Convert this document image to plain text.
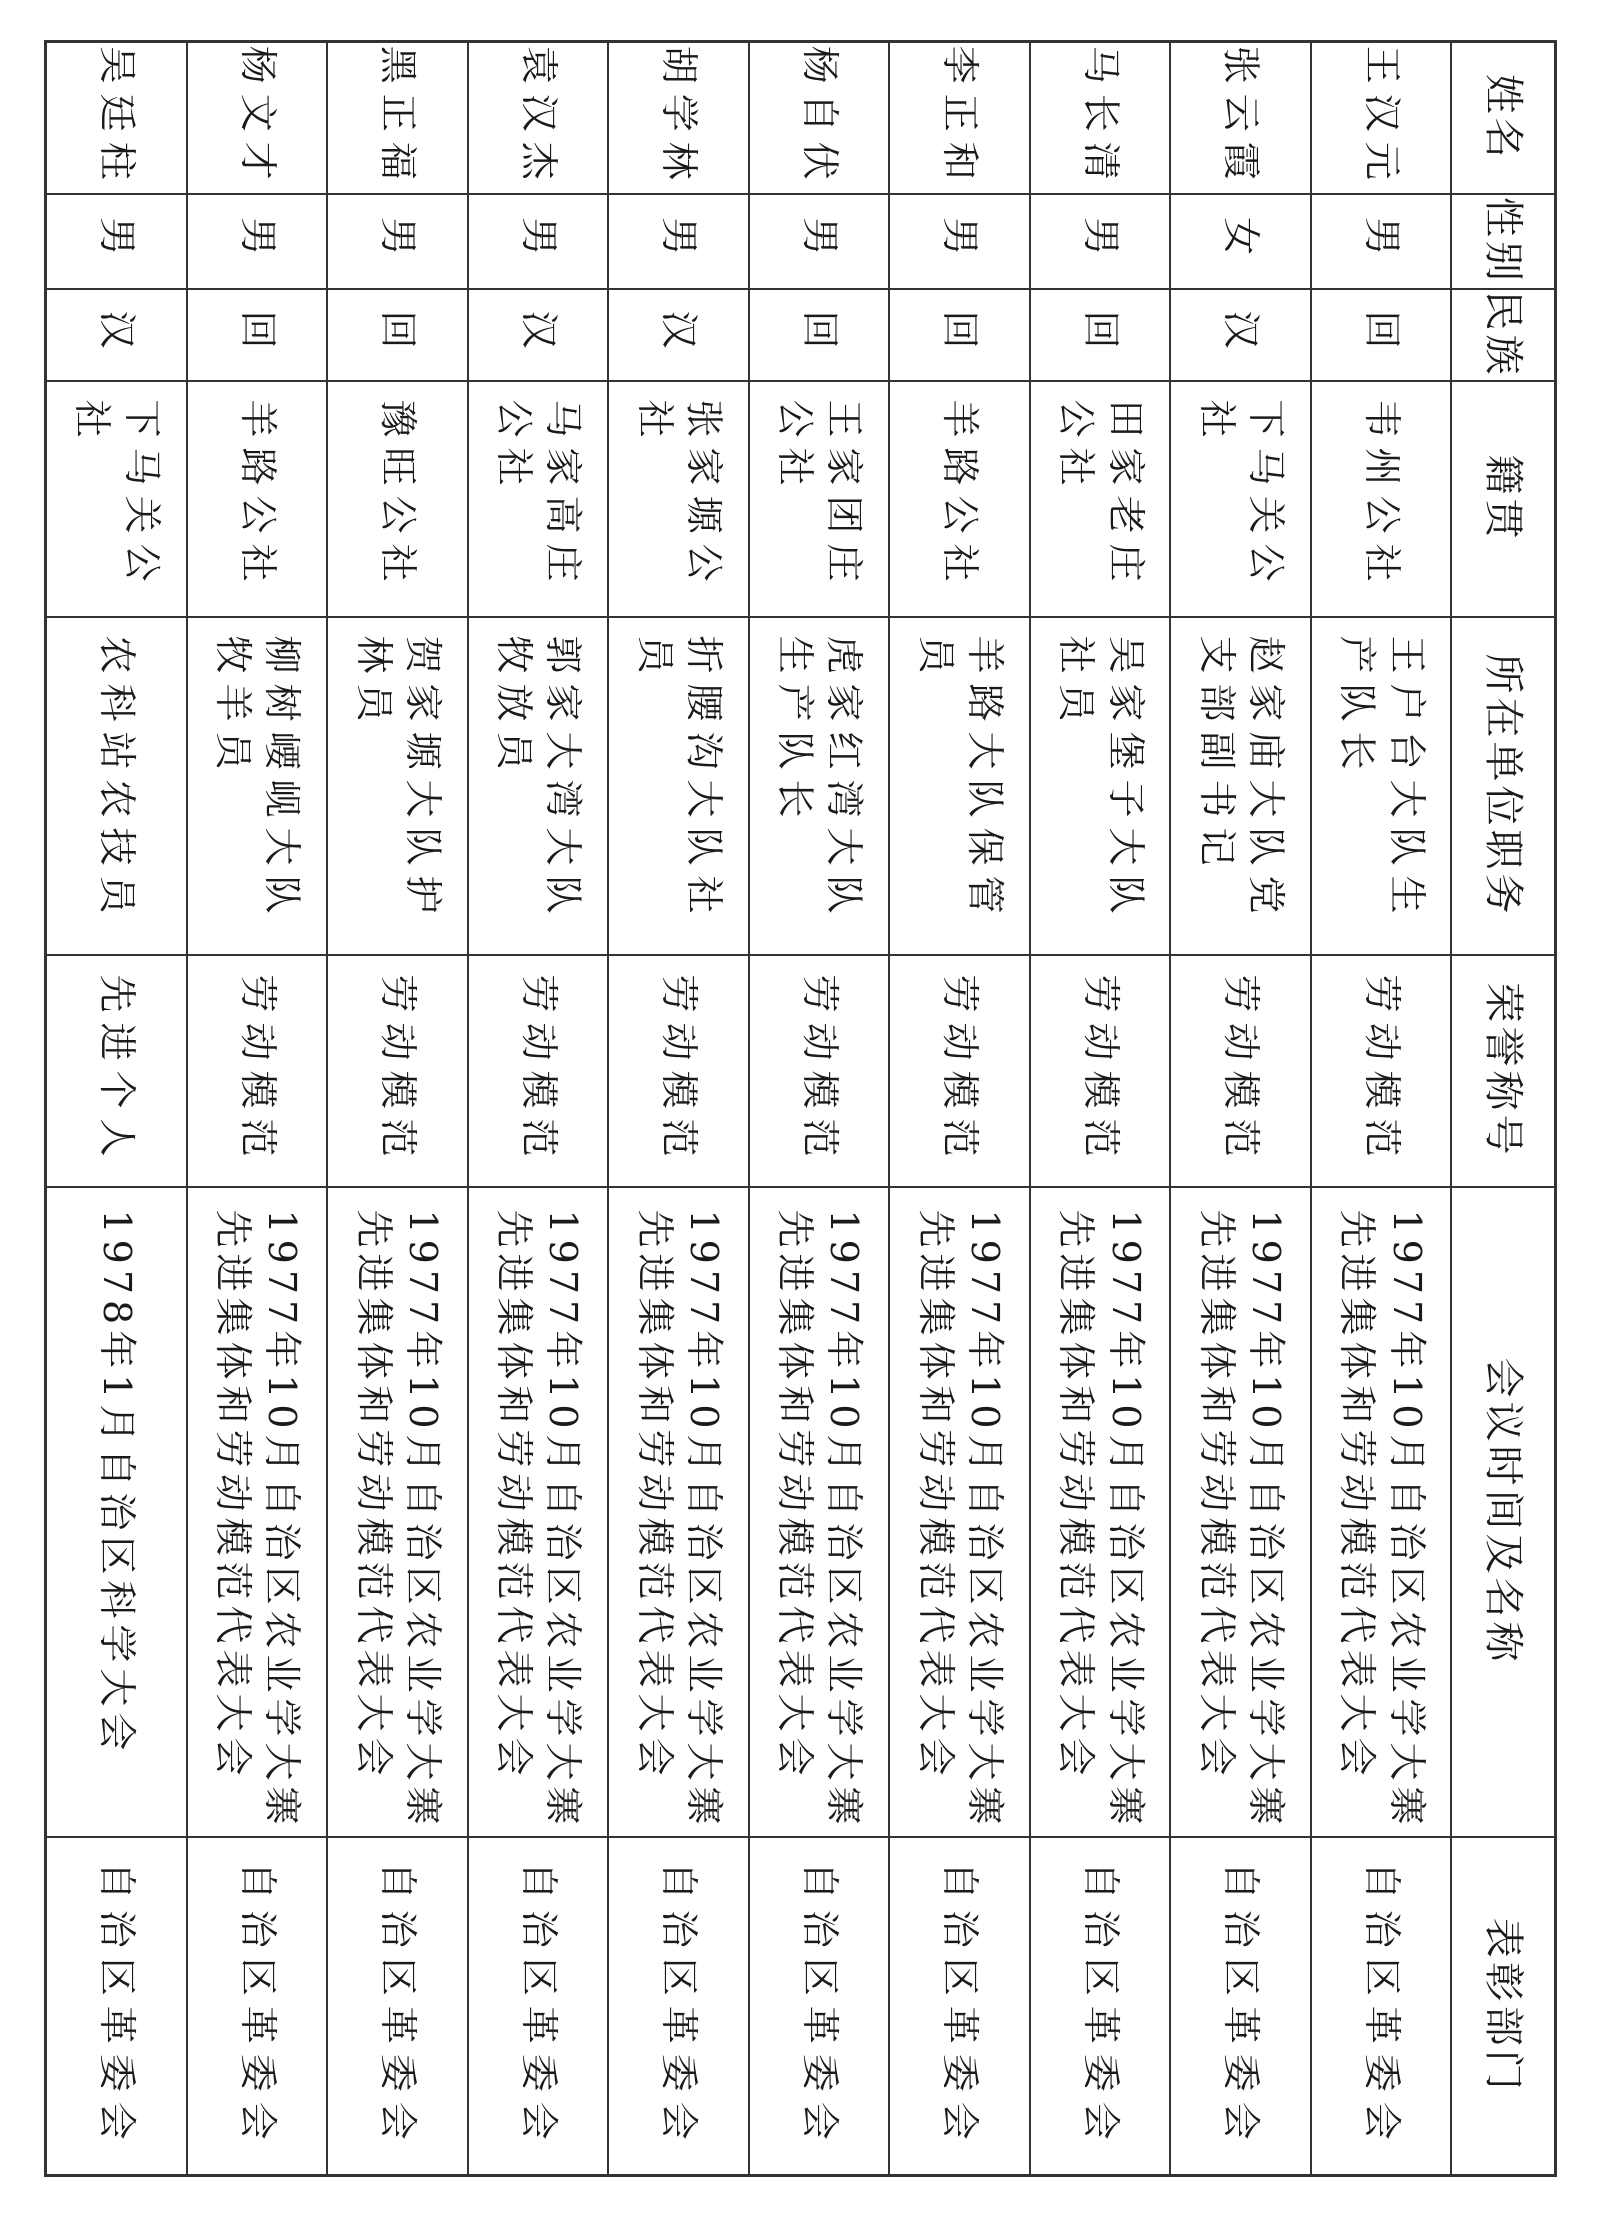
姓名	性别	民族	籍贯	所在单位职务	荣誉称号	会议时间及名称	表彰部门
王汉元	男	回	韦州公社	王户台大队生产队长	劳动模范	1977年10月自治区农业学大寨先进集体和劳动模范代表大会	自治区革委会
张云霞	女	汉	下马关公社	赵家庙大队党支部副书记	劳动模范	1977年10月自治区农业学大寨先进集体和劳动模范代表大会	自治区革委会
马长清	男	回	田家老庄公社	吴家堡子大队社员	劳动模范	1977年10月自治区农业学大寨先进集体和劳动模范代表大会	自治区革委会
李正和	男	回	羊路公社	羊路大队保管员	劳动模范	1977年10月自治区农业学大寨先进集体和劳动模范代表大会	自治区革委会
杨自伏	男	回	王家团庄公社	虎家红湾大队生产队长	劳动模范	1977年10月自治区农业学大寨先进集体和劳动模范代表大会	自治区革委会
胡学林	男	汉	张家塬公社	折腰沟大队社员	劳动模范	1977年10月自治区农业学大寨先进集体和劳动模范代表大会	自治区革委会
袁汉杰	男	汉	马家高庄公社	郭家大湾大队牧放员	劳动模范	1977年10月自治区农业学大寨先进集体和劳动模范代表大会	自治区革委会
黑正福	男	回	豫旺公社	贺家塬大队护林员	劳动模范	1977年10月自治区农业学大寨先进集体和劳动模范代表大会	自治区革委会
杨文才	男	回	羊路公社	柳树崾岘大队牧羊员	劳动模范	1977年10月自治区农业学大寨先进集体和劳动模范代表大会	自治区革委会
吴廷柱	男	汉	下马关公社	农科站农技员	先进个人	1978年1月自治区科学大会	自治区革委会
